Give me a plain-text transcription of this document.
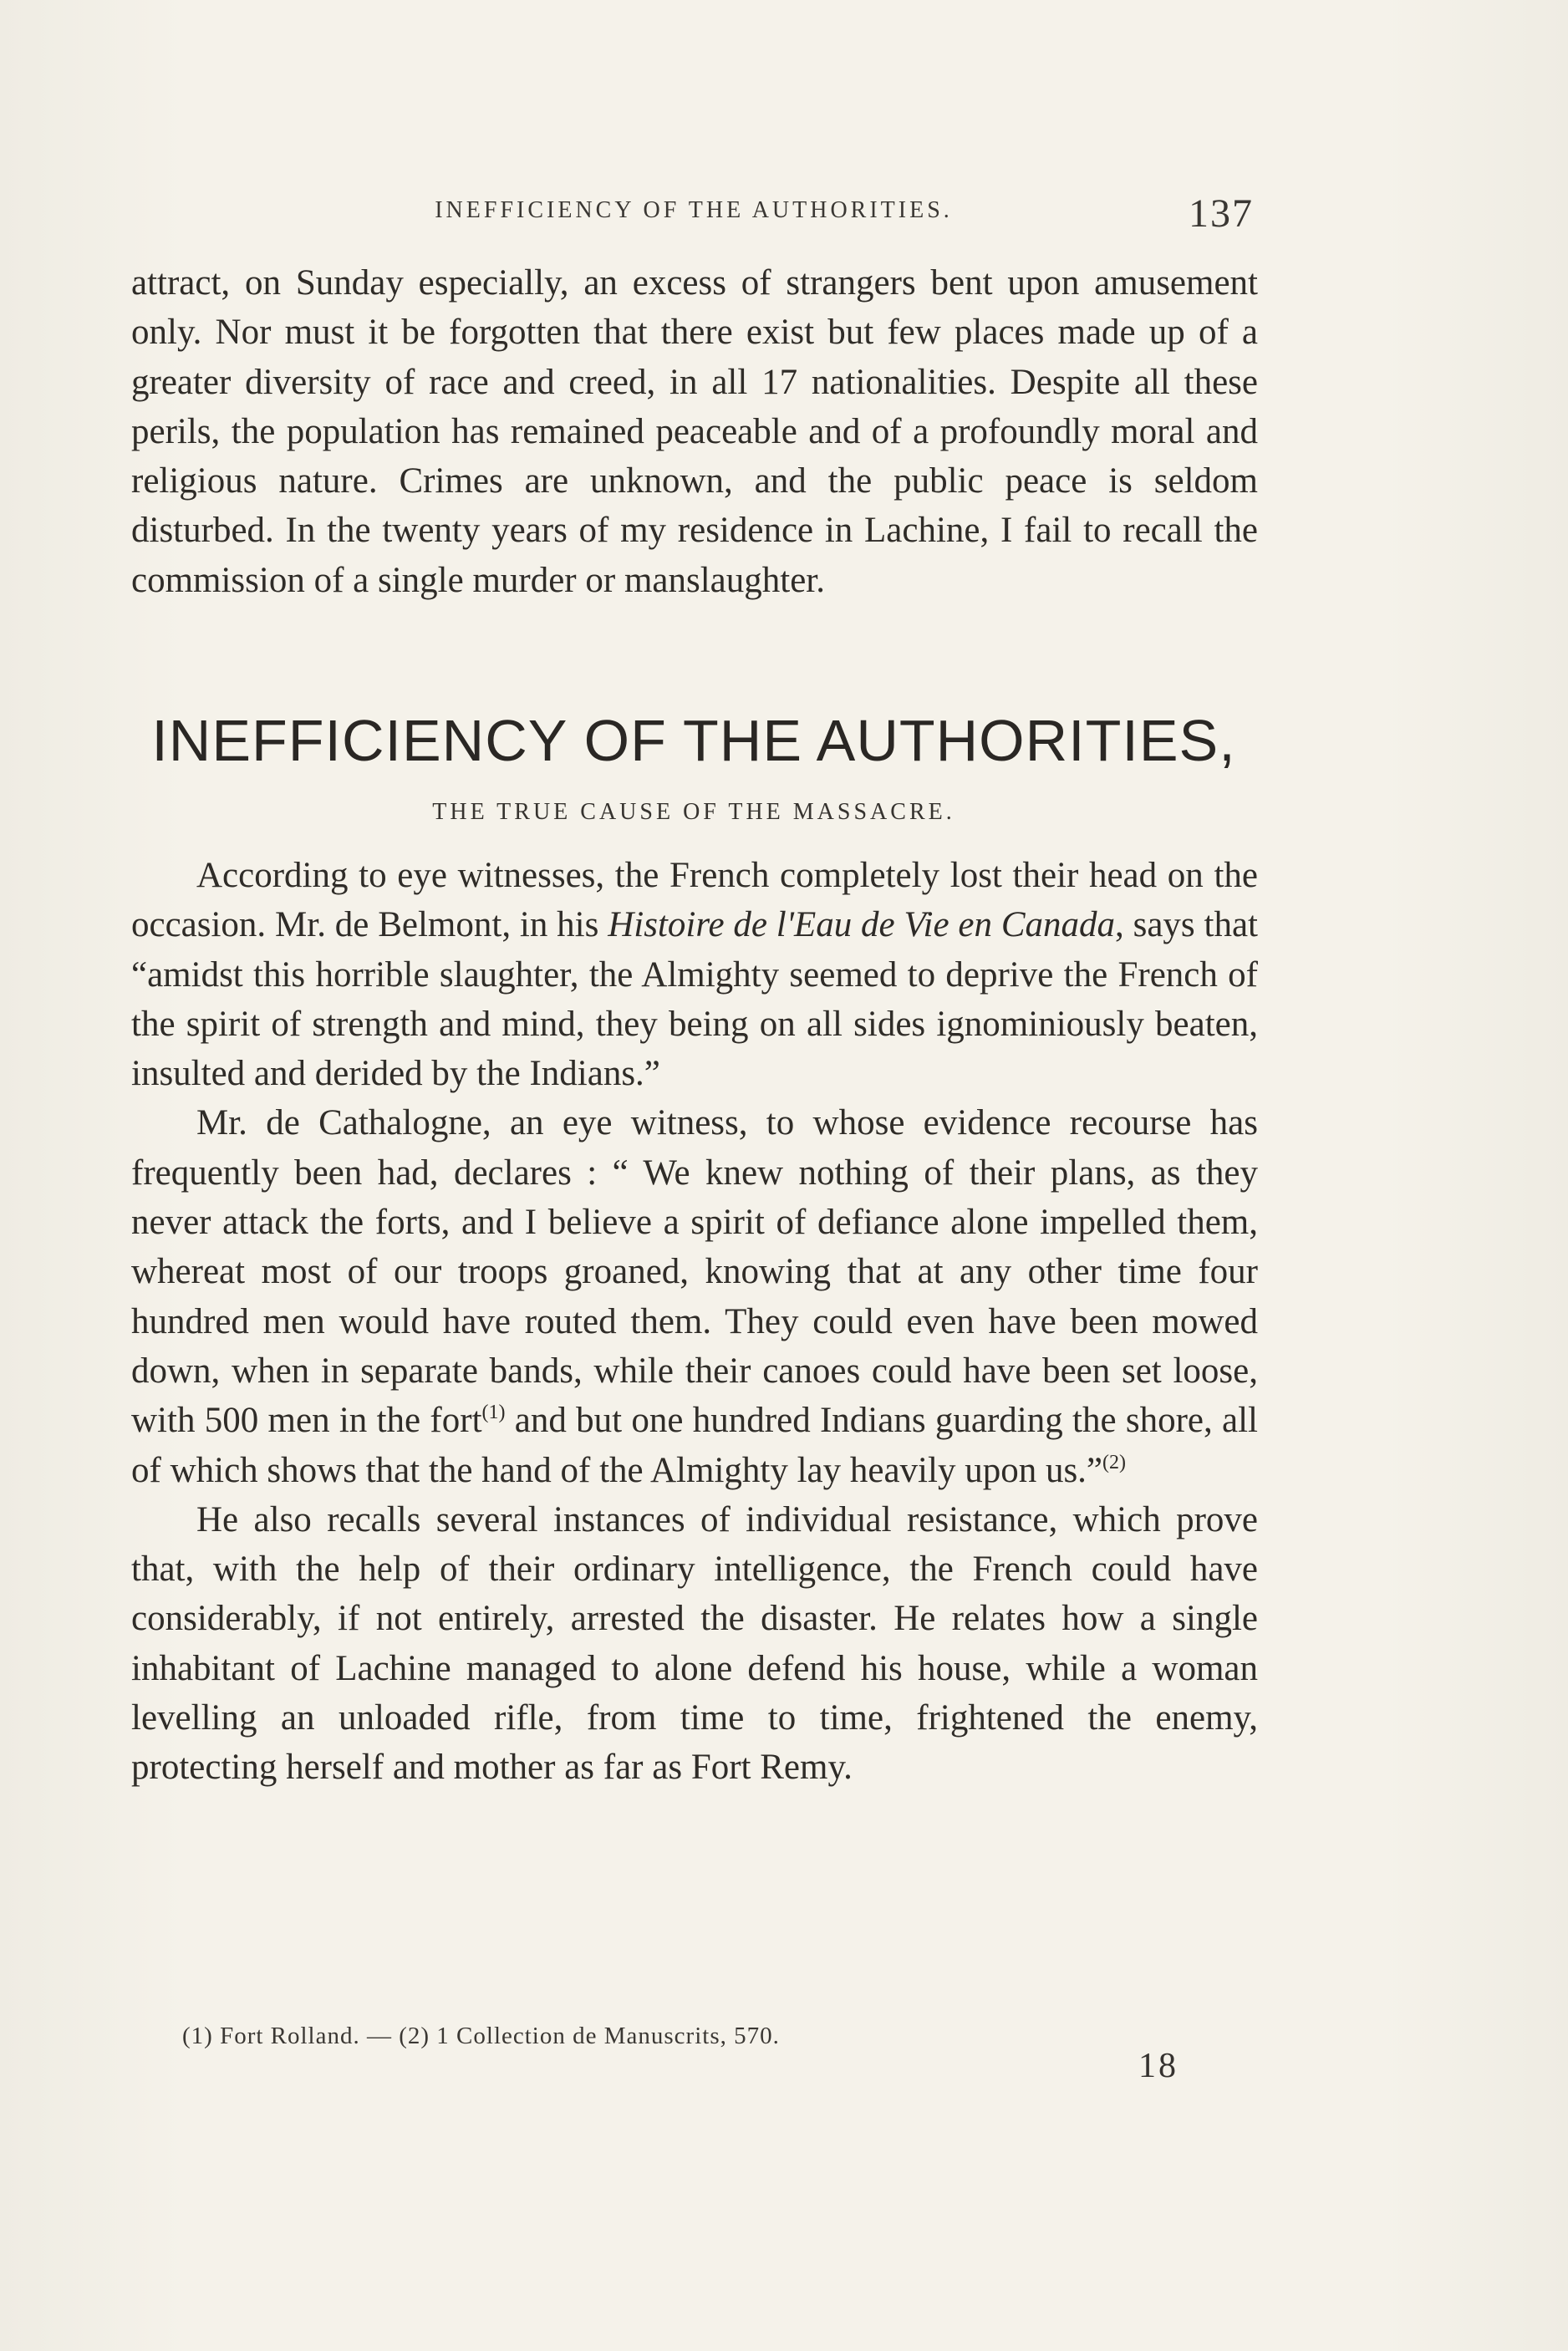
INEFFICIENCY OF THE AUTHORITIES.	137

attract, on Sunday especially, an excess of strangers bent upon amusement only. Nor must it be forgotten that there exist but few places made up of a greater diversity of race and creed, in all 17 nationalities. Despite all these perils, the population has remained peaceable and of a profoundly moral and religious nature. Crimes are unknown, and the public peace is seldom disturbed. In the twenty years of my residence in Lachine, I fail to recall the commission of a single murder or manslaughter.

INEFFICIENCY OF THE AUTHORITIES,
THE TRUE CAUSE OF THE MASSACRE.

According to eye witnesses, the French completely lost their head on the occasion. Mr. de Belmont, in his Histoire de l'Eau de Vie en Canada, says that “amidst this horrible slaughter, the Almighty seemed to deprive the French of the spirit of strength and mind, they being on all sides ignominiously beaten, insulted and derided by the Indians.”

Mr. de Cathalogne, an eye witness, to whose evidence recourse has frequently been had, declares : “ We knew nothing of their plans, as they never attack the forts, and I believe a spirit of defiance alone impelled them, whereat most of our troops groaned, knowing that at any other time four hundred men would have routed them. They could even have been mowed down, when in separate bands, while their canoes could have been set loose, with 500 men in the fort$^{(1)}$ and but one hundred Indians guarding the shore, all of which shows that the hand of the Almighty lay heavily upon us.”$^{(2)}$

He also recalls several instances of individual resistance, which prove that, with the help of their ordinary intelligence, the French could have considerably, if not entirely, arrested the disaster. He relates how a single inhabitant of Lachine managed to alone defend his house, while a woman levelling an unloaded rifle, from time to time, frightened the enemy, protecting herself and mother as far as Fort Remy.

(1) Fort Rolland. — (2) 1 Collection de Manuscrits, 570.
18
